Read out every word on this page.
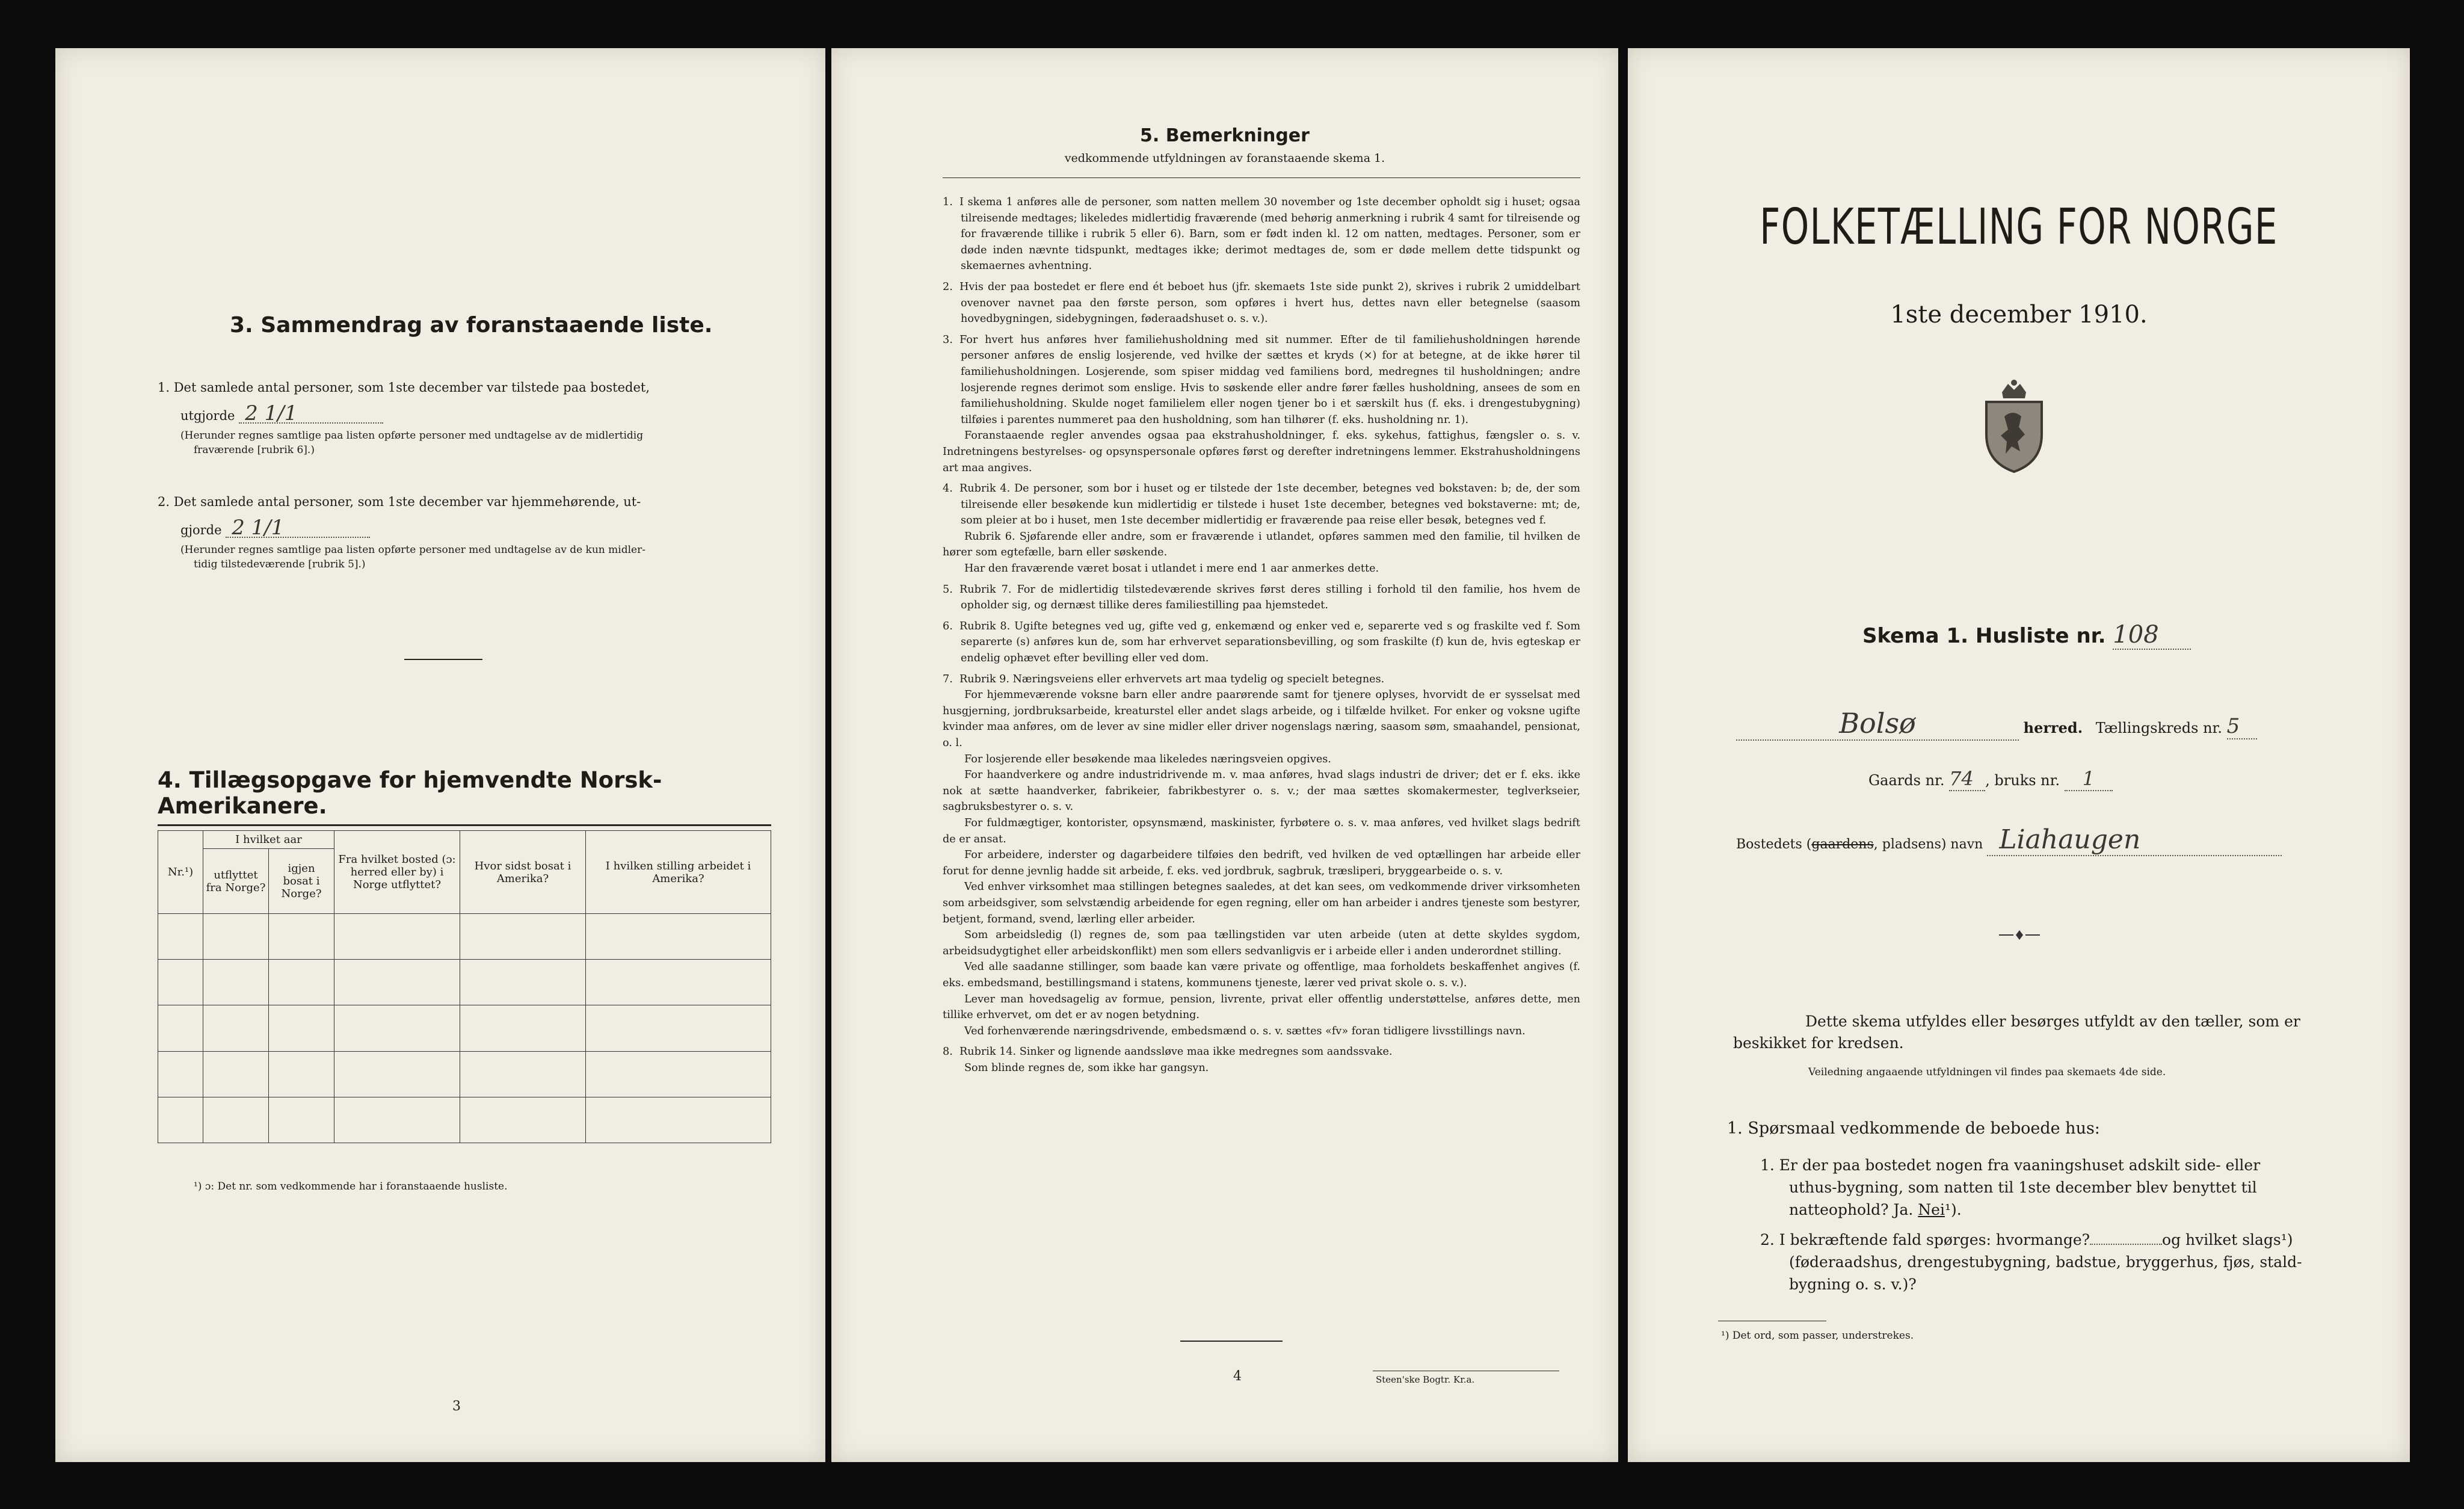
3. Sammendrag av foranstaaende liste.
1. Det samlede antal personer, som 1ste december var tilstede paa bostedet,
utgjorde 2 1/1
(Herunder regnes samtlige paa listen opførte personer med undtagelse av de midlertidig
fraværende [rubrik 6].)
2. Det samlede antal personer, som 1ste december var hjemmehørende, ut-
gjorde 2 1/1
(Herunder regnes samtlige paa listen opførte personer med undtagelse av de kun midler-
tidig tilstedeværende [rubrik 5].)
4. Tillægsopgave for hjemvendte Norsk-Amerikanere.
Nr.¹)	I hvilket aar		Fra hvilket bosted (ɔ: herred eller by) i Norge utflyttet?	Hvor sidst bosat i Amerika?	I hvilken stilling arbeidet i Amerika?
	utflyttet fra Norge?	igjen bosat i Norge?			

¹) ɔ: Det nr. som vedkommende har i foranstaaende husliste.
3
5. Bemerkninger
vedkommende utfyldningen av foranstaaende skema 1.

1. I skema 1 anføres alle de personer, som natten mellem 30 november og 1ste december opholdt sig i huset; ogsaa tilreisende medtages; likeledes midlertidig fraværende (med behørig anmerkning i rubrik 4 samt for tilreisende og for fraværende tillike i rubrik 5 eller 6). Barn, som er født inden kl. 12 om natten, medtages. Personer, som er døde inden nævnte tidspunkt, medtages ikke; derimot medtages de, som er døde mellem dette tidspunkt og skemaernes avhentning.

2. Hvis der paa bostedet er flere end ét beboet hus (jfr. skemaets 1ste side punkt 2), skrives i rubrik 2 umiddelbart ovenover navnet paa den første person, som opføres i hvert hus, dettes navn eller betegnelse (saasom hovedbygningen, sidebygningen, føderaadshuset o. s. v.).

3. For hvert hus anføres hver familiehusholdning med sit nummer. Efter de til familiehusholdningen hørende personer anføres de enslig losjerende, ved hvilke der sættes et kryds (×) for at betegne, at de ikke hører til familiehusholdningen. Losjerende, som spiser middag ved familiens bord, medregnes til husholdningen; andre losjerende regnes derimot som enslige. Hvis to søskende eller andre fører fælles husholdning, ansees de som en familiehusholdning. Skulde noget familielem eller nogen tjener bo i et særskilt hus (f. eks. i drengestubygning) tilføies i parentes nummeret paa den husholdning, som han tilhører (f. eks. husholdning nr. 1).

Foranstaaende regler anvendes ogsaa paa ekstrahusholdninger, f. eks. sykehus, fattighus, fængsler o. s. v. Indretningens bestyrelses- og opsynspersonale opføres først og derefter indretningens lemmer. Ekstrahusholdningens art maa angives.

4. Rubrik 4. De personer, som bor i huset og er tilstede der 1ste december, betegnes ved bokstaven: b; de, der som tilreisende eller besøkende kun midlertidig er tilstede i huset 1ste december, betegnes ved bokstaverne: mt; de, som pleier at bo i huset, men 1ste december midlertidig er fraværende paa reise eller besøk, betegnes ved f.

Rubrik 6. Sjøfarende eller andre, som er fraværende i utlandet, opføres sammen med den familie, til hvilken de hører som egtefælle, barn eller søskende.

Har den fraværende været bosat i utlandet i mere end 1 aar anmerkes dette.

5. Rubrik 7. For de midlertidig tilstedeværende skrives først deres stilling i forhold til den familie, hos hvem de opholder sig, og dernæst tillike deres familiestilling paa hjemstedet.

6. Rubrik 8. Ugifte betegnes ved ug, gifte ved g, enkemænd og enker ved e, separerte ved s og fraskilte ved f. Som separerte (s) anføres kun de, som har erhvervet separationsbevilling, og som fraskilte (f) kun de, hvis egteskap er endelig ophævet efter bevilling eller ved dom.

7. Rubrik 9. Næringsveiens eller erhvervets art maa tydelig og specielt betegnes.

For hjemmeværende voksne barn eller andre paarørende samt for tjenere oplyses, hvorvidt de er sysselsat med husgjerning, jordbruksarbeide, kreaturstel eller andet slags arbeide, og i tilfælde hvilket. For enker og voksne ugifte kvinder maa anføres, om de lever av sine midler eller driver nogenslags næring, saasom søm, smaahandel, pensionat, o. l.

For losjerende eller besøkende maa likeledes næringsveien opgives.

For haandverkere og andre industridrivende m. v. maa anføres, hvad slags industri de driver; det er f. eks. ikke nok at sætte haandverker, fabrikeier, fabrikbestyrer o. s. v.; der maa sættes skomakermester, teglverkseier, sagbruksbestyrer o. s. v.

For fuldmægtiger, kontorister, opsynsmænd, maskinister, fyrbøtere o. s. v. maa anføres, ved hvilket slags bedrift de er ansat.

For arbeidere, inderster og dagarbeidere tilføies den bedrift, ved hvilken de ved optællingen har arbeide eller forut for denne jevnlig hadde sit arbeide, f. eks. ved jordbruk, sagbruk, træsliperi, bryggearbeide o. s. v.

Ved enhver virksomhet maa stillingen betegnes saaledes, at det kan sees, om vedkommende driver virksomheten som arbeidsgiver, som selvstændig arbeidende for egen regning, eller om han arbeider i andres tjeneste som bestyrer, betjent, formand, svend, lærling eller arbeider.

Som arbeidsledig (l) regnes de, som paa tællingstiden var uten arbeide (uten at dette skyldes sygdom, arbeidsudygtighet eller arbeidskonflikt) men som ellers sedvanligvis er i arbeide eller i anden underordnet stilling.

Ved alle saadanne stillinger, som baade kan være private og offentlige, maa forholdets beskaffenhet angives (f. eks. embedsmand, bestillingsmand i statens, kommunens tjeneste, lærer ved privat skole o. s. v.).

Lever man hovedsagelig av formue, pension, livrente, privat eller offentlig understøttelse, anføres dette, men tillike erhvervet, om det er av nogen betydning.

Ved forhenværende næringsdrivende, embedsmænd o. s. v. sættes «fv» foran tidligere livsstillings navn.

8. Rubrik 14. Sinker og lignende aandssløve maa ikke medregnes som aandssvake.

Som blinde regnes de, som ikke har gangsyn.

4	Steen'ske Bogtr. Kr.a.
FOLKETÆLLING FOR NORGE
1ste december 1910.
Skema 1. Husliste nr. 108
Bolsø	herred. Tællingskreds nr. 5
Gaards nr. 74 , bruks nr. 1
Bostedets (gaardens, pladsens) navn Liahaugen
Dette skema utfyldes eller besørges utfyldt av den tæller, som er
beskikket for kredsen.
Veiledning angaaende utfyldningen vil findes paa skemaets 4de side.
1. Spørsmaal vedkommende de beboede hus:
1. Er der paa bostedet nogen fra vaaningshuset adskilt side- eller
uthus-bygning, som natten til 1ste december blev benyttet til
natteophold? Ja. Nei¹).
2. I bekræftende fald spørges: hvormange?	og hvilket slags¹)
(føderaadshus, drengestubygning, badstue, bryggerhus, fjøs, stald-
bygning o. s. v.)?
¹) Det ord, som passer, understrekes.
